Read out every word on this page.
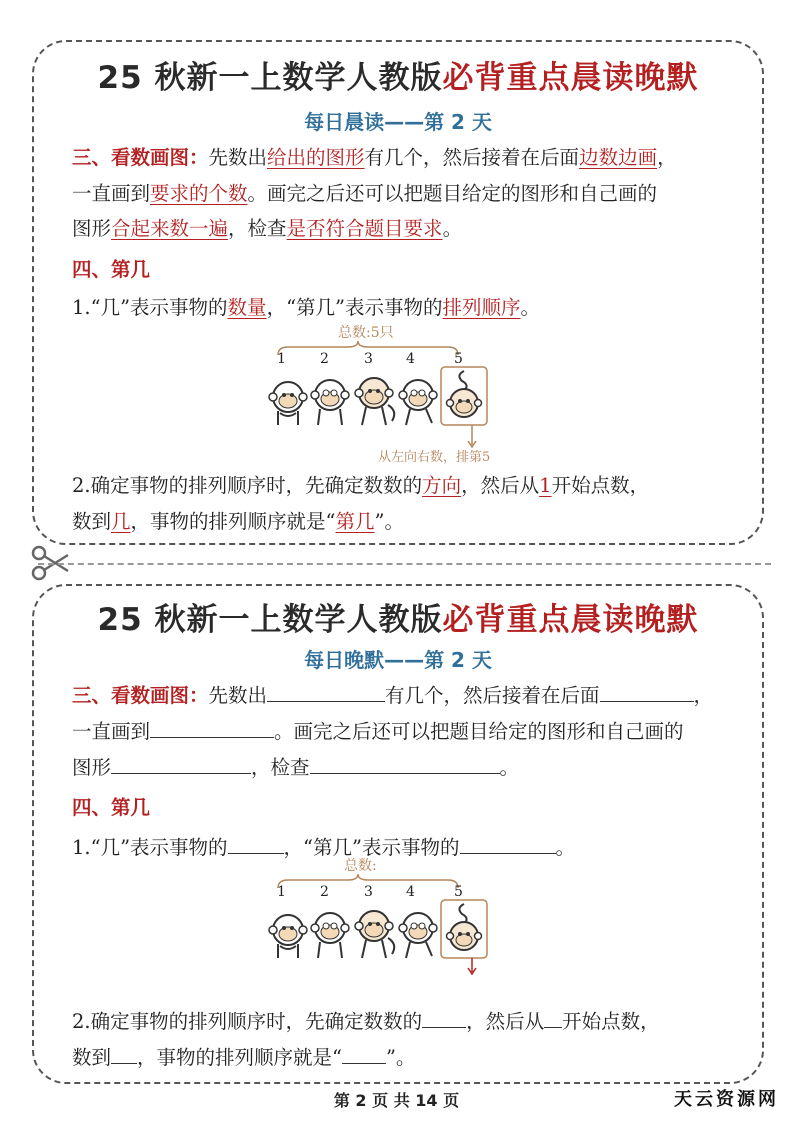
25 秋新一上数学人教版必背重点晨读晚默
每日晨读——第 2 天
三、看数画图：先数出给出的图形有几个，然后接着在后面边数边画，
一直画到要求的个数。画完之后还可以把题目给定的图形和自己画的
图形合起来数一遍，检查是否符合题目要求。
四、第几
1.“几”表示事物的数量，“第几”表示事物的排列顺序。
总数:5只
1 2	3 4	5
从左向右数，排第5
2.确定事物的排列顺序时，先确定数数的方向，然后从1开始点数，
数到几，事物的排列顺序就是“第几”。
25 秋新一上数学人教版必背重点晨读晚默
每日晚默——第 2 天
三、看数画图：先数出	有几个，然后接着在后面	，
一直画到	。画完之后还可以把题目给定的图形和自己画的
图形	，检查	。
四、第几
1.“几”表示事物的	，“第几”表示事物的	。
总数:
1 2	3 4	5
2.确定事物的排列顺序时，先确定数数的 ，然后从 开始点数，
数到 ，事物的排列顺序就是“ ”。
第 2 页 共 14 页	天云资源网
